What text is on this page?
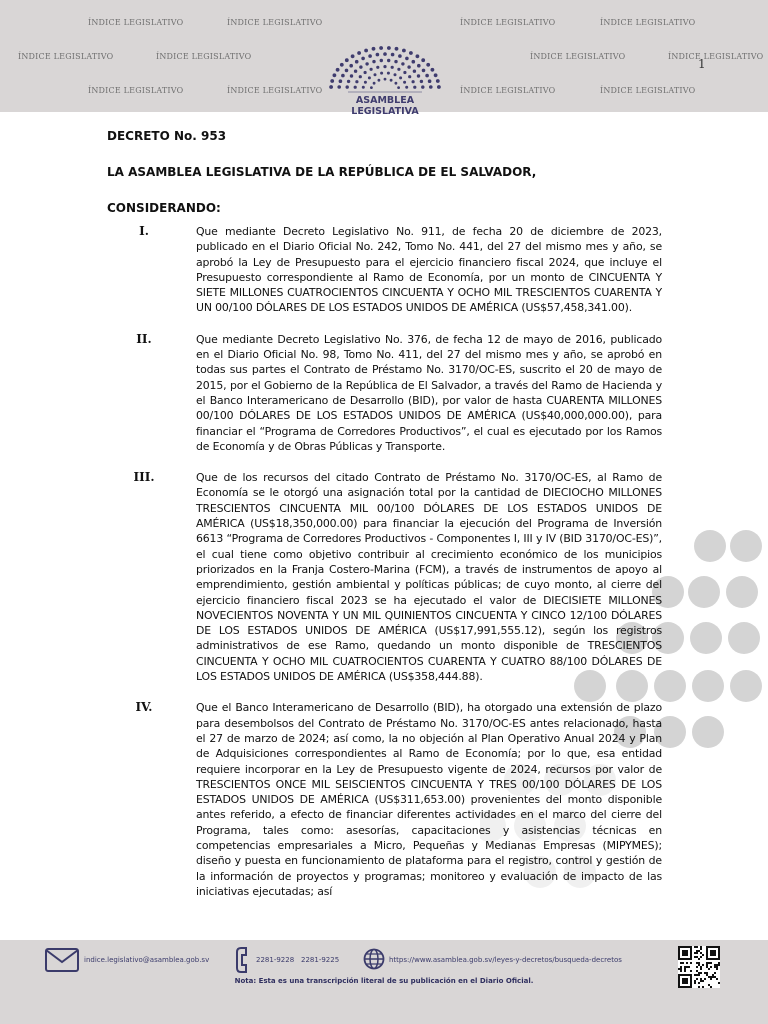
ÍNDICE LEGISLATIVO	ÍNDICE LEGISLATIVO	ÍNDICE LEGISLATIVO	ÍNDICE LEGISLATIVO
ÍNDICE LEGISLATIVO	ÍNDICE LEGISLATIVO	ÍNDICE LEGISLATIVO	ÍNDICE LEGISLATIVO
ÍNDICE LEGISLATIVO	ÍNDICE LEGISLATIVO	ÍNDICE LEGISLATIVO	ÍNDICE LEGISLATIVO
ASAMBLEA LEGISLATIVA
1
DECRETO No. 953
LA ASAMBLEA LEGISLATIVA DE LA REPÚBLICA DE EL SALVADOR,
CONSIDERANDO:
I.	Que mediante Decreto Legislativo No. 911, de fecha 20 de diciembre de 2023, publicado en el Diario Oficial No. 242, Tomo No. 441, del 27 del mismo mes y año, se aprobó la Ley de Presupuesto para el ejercicio financiero fiscal 2024, que incluye el Presupuesto correspondiente al Ramo de Economía, por un monto de CINCUENTA Y SIETE MILLONES CUATROCIENTOS CINCUENTA Y OCHO MIL TRESCIENTOS CUARENTA Y UN 00/100 DÓLARES DE LOS ESTADOS UNIDOS DE AMÉRICA (US$57,458,341.00).
II.	Que mediante Decreto Legislativo No. 376, de fecha 12 de mayo de 2016, publicado en el Diario Oficial No. 98, Tomo No. 411, del 27 del mismo mes y año, se aprobó en todas sus partes el Contrato de Préstamo No. 3170/OC-ES, suscrito el 20 de mayo de 2015, por el Gobierno de la República de El Salvador, a través del Ramo de Hacienda y el Banco Interamericano de Desarrollo (BID), por valor de hasta CUARENTA MILLONES 00/100 DÓLARES DE LOS ESTADOS UNIDOS DE AMÉRICA (US$40,000,000.00), para financiar el “Programa de Corredores Productivos”, el cual es ejecutado por los Ramos de Economía y de Obras Públicas y Transporte.
III.	Que de los recursos del citado Contrato de Préstamo No. 3170/OC-ES, al Ramo de Economía se le otorgó una asignación total por la cantidad de DIECIOCHO MILLONES TRESCIENTOS CINCUENTA MIL 00/100 DÓLARES DE LOS ESTADOS UNIDOS DE AMÉRICA (US$18,350,000.00) para financiar la ejecución del Programa de Inversión 6613 “Programa de Corredores Productivos - Componentes I, III y IV (BID 3170/OC-ES)”, el cual tiene como objetivo contribuir al crecimiento económico de los municipios priorizados en la Franja Costero-Marina (FCM), a través de instrumentos de apoyo al emprendimiento, gestión ambiental y políticas públicas; de cuyo monto, al cierre del ejercicio financiero fiscal 2023 se ha ejecutado el valor de DIECISIETE MILLONES NOVECIENTOS NOVENTA Y UN MIL QUINIENTOS CINCUENTA Y CINCO 12/100 DÓLARES DE LOS ESTADOS UNIDOS DE AMÉRICA (US$17,991,555.12), según los registros administrativos de ese Ramo, quedando un monto disponible de TRESCIENTOS CINCUENTA Y OCHO MIL CUATROCIENTOS CUARENTA Y CUATRO 88/100 DÓLARES DE LOS ESTADOS UNIDOS DE AMÉRICA (US$358,444.88).
IV.	Que el Banco Interamericano de Desarrollo (BID), ha otorgado una extensión de plazo para desembolsos del Contrato de Préstamo No. 3170/OC-ES antes relacionado, hasta el 27 de marzo de 2024; así como, la no objeción al Plan Operativo Anual 2024 y Plan de Adquisiciones correspondientes al Ramo de Economía; por lo que, esa entidad requiere incorporar en la Ley de Presupuesto vigente de 2024, recursos por valor de TRESCIENTOS ONCE MIL SEISCIENTOS CINCUENTA Y TRES 00/100 DÓLARES DE LOS ESTADOS UNIDOS DE AMÉRICA (US$311,653.00) provenientes del monto disponible antes referido, a efecto de financiar diferentes actividades en el marco del cierre del Programa, tales como: asesorías, capacitaciones y asistencias técnicas en competencias empresariales a Micro, Pequeñas y Medianas Empresas (MIPYMES); diseño y puesta en funcionamiento de plataforma para el registro, control y gestión de la información de proyectos y programas; monitoreo y evaluación de impacto de las iniciativas ejecutadas; así
indice.legislativo@asamblea.gob.sv	2281-9228 2281-9225	https://www.asamblea.gob.sv/leyes-y-decretos/busqueda-decretos
Nota: Esta es una transcripción literal de su publicación en el Diario Oficial.
